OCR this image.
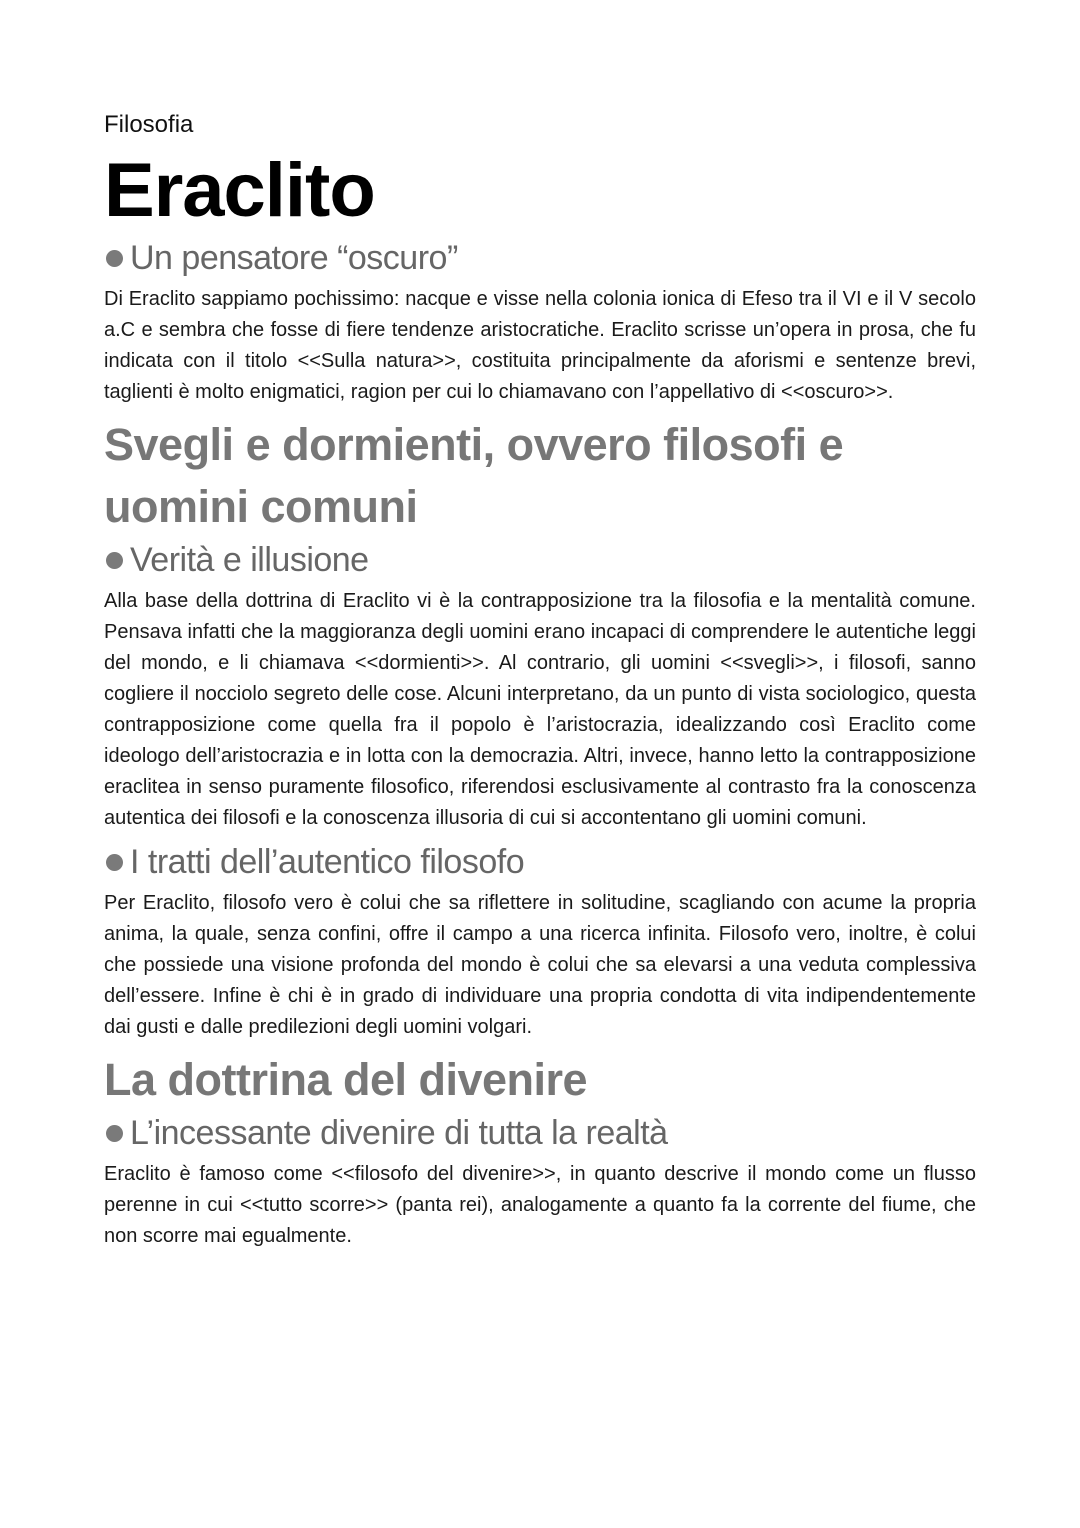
Filosofia

Eraclito
Un pensatore “oscuro”

Di Eraclito sappiamo pochissimo: nacque e visse nella colonia ionica di Efeso tra il VI e il V secolo a.C e sembra che fosse di fiere tendenze aristocratiche. Eraclito scrisse un’opera in prosa, che fu indicata con il titolo <<Sulla natura>>, costituita principalmente da aforismi e sentenze brevi, taglienti è molto enigmatici, ragion per cui lo chiamavano con l’appellativo di <<oscuro>>.

Svegli e dormienti, ovvero filosofi e uomini comuni
Verità e illusione

Alla base della dottrina di Eraclito vi è la contrapposizione tra la filosofia e la mentalità comune. Pensava infatti che la maggioranza degli uomini erano incapaci di comprendere le autentiche leggi del mondo, e li chiamava <<dormienti>>. Al contrario, gli uomini <<svegli>>, i filosofi, sanno cogliere il nocciolo segreto delle cose. Alcuni interpretano, da un punto di vista sociologico, questa contrapposizione come quella fra il popolo è l’aristocrazia, idealizzando così Eraclito come ideologo dell’aristocrazia e in lotta con la democrazia. Altri, invece, hanno letto la contrapposizione eraclitea in senso puramente filosofico, riferendosi esclusivamente al contrasto fra la conoscenza autentica dei filosofi e la conoscenza illusoria di cui si accontentano gli uomini comuni.

I tratti dell’autentico filosofo

Per Eraclito, filosofo vero è colui che sa riflettere in solitudine, scagliando con acume la propria anima, la quale, senza confini, offre il campo a una ricerca infinita. Filosofo vero, inoltre, è colui che possiede una visione profonda del mondo è colui che sa elevarsi a una veduta complessiva dell’essere. Infine è chi è in grado di individuare una propria condotta di vita indipendentemente dai gusti e dalle predilezioni degli uomini volgari.

La dottrina del divenire
L’incessante divenire di tutta la realtà

Eraclito è famoso come <<filosofo del divenire>>, in quanto descrive il mondo come un flusso perenne in cui <<tutto scorre>> (panta rei), analogamente a quanto fa la corrente del fiume, che non scorre mai egualmente.
